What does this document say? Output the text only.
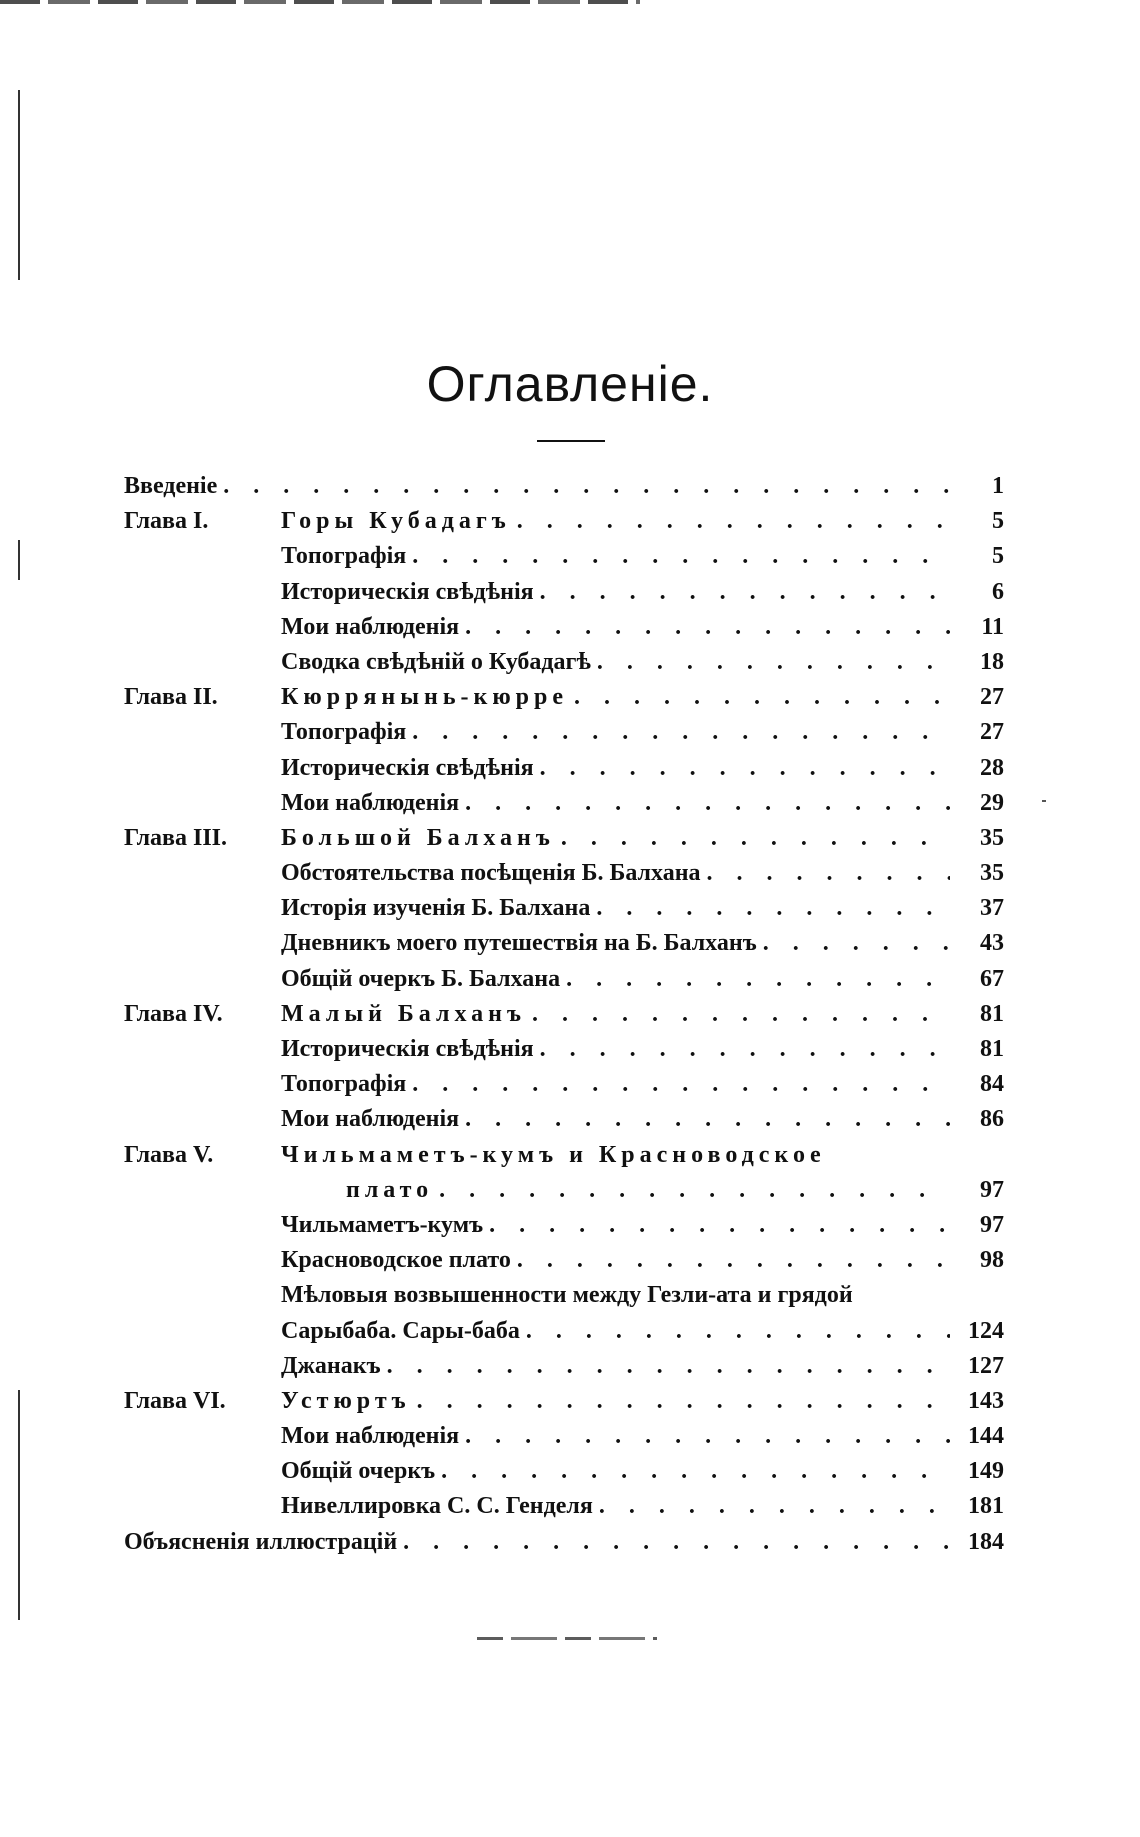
Оглавленіе.
Введеніе . . .	1
Глава I.	Горы Кубадагъ . . .	5
Топографія . . .	5
Историческія свѣдѣнія . . .	6
Мои наблюденія . . .	11
Сводка свѣдѣній о Кубадагѣ . . .	18
Глава II.	Кюррянынь-кюрре . . .	27
Топографія . . .	27
Историческія свѣдѣнія . . .	28
Мои наблюденія . . .	29
Глава III. Большой Балханъ . . .	35
Обстоятельства посѣщенія Б. Балхана . . .	35
Исторія изученія Б. Балхана . . .	37
Дневникъ моего путешествія на Б. Балханъ . . .	43
Общій очеркъ Б. Балхана . . .	67
Глава IV. Малый Балханъ . . .	81
Историческія свѣдѣнія . . .	81
Топографія . . .	84
Мои наблюденія . . .	86
Глава V.	Чильмаметъ-кумъ и Красноводское
плато . . .	97
Чильмаметъ-кумъ . . .	97
Красноводское плато . . .	98
Мѣловыя возвышенности между Гезли-ата и грядой
Сарыбаба. Сары-баба . . .	124
Джанакъ . . .	127
Глава VI. Устюртъ . . .	143
Мои наблюденія . . .	144
Общій очеркъ . . .	149
Нивеллировка С. С. Генделя . . .	181
Объясненія иллюстрацій . . .	184
